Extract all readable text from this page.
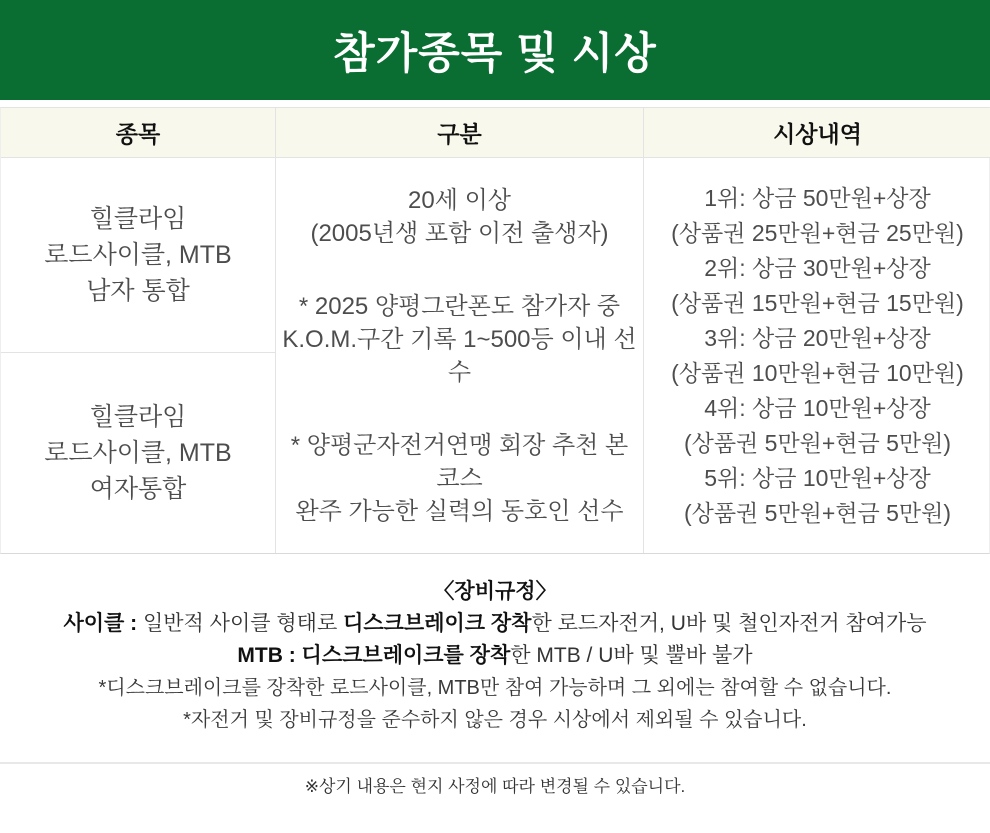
참가종목 및 시상
종목	구분	시상내역
힐클라임
로드사이클, MTB
남자 통합
힐클라임
로드사이클, MTB
여자통합
20세 이상
(2005년생 포함 이전 출생자)
* 2025 양평그란폰도 참가자 중
K.O.M.구간 기록 1~500등 이내 선수
* 양평군자전거연맹 회장 추천 본 코스
완주 가능한 실력의 동호인 선수
1위: 상금 50만원+상장
(상품권 25만원+현금 25만원)
2위: 상금 30만원+상장
(상품권 15만원+현금 15만원)
3위: 상금 20만원+상장
(상품권 10만원+현금 10만원)
4위: 상금 10만원+상장
(상품권 5만원+현금 5만원)
5위: 상금 10만원+상장
(상품권 5만원+현금 5만원)
〈장비규정〉
사이클 : 일반적 사이클 형태로 디스크브레이크 장착한 로드자전거, U바 및 철인자전거 참여가능
MTB : 디스크브레이크를 장착한 MTB / U바 및 뿔바 불가
*디스크브레이크를 장착한 로드사이클, MTB만 참여 가능하며 그 외에는 참여할 수 없습니다.
*자전거 및 장비규정을 준수하지 않은 경우 시상에서 제외될 수 있습니다.
※상기 내용은 현지 사정에 따라 변경될 수 있습니다.
